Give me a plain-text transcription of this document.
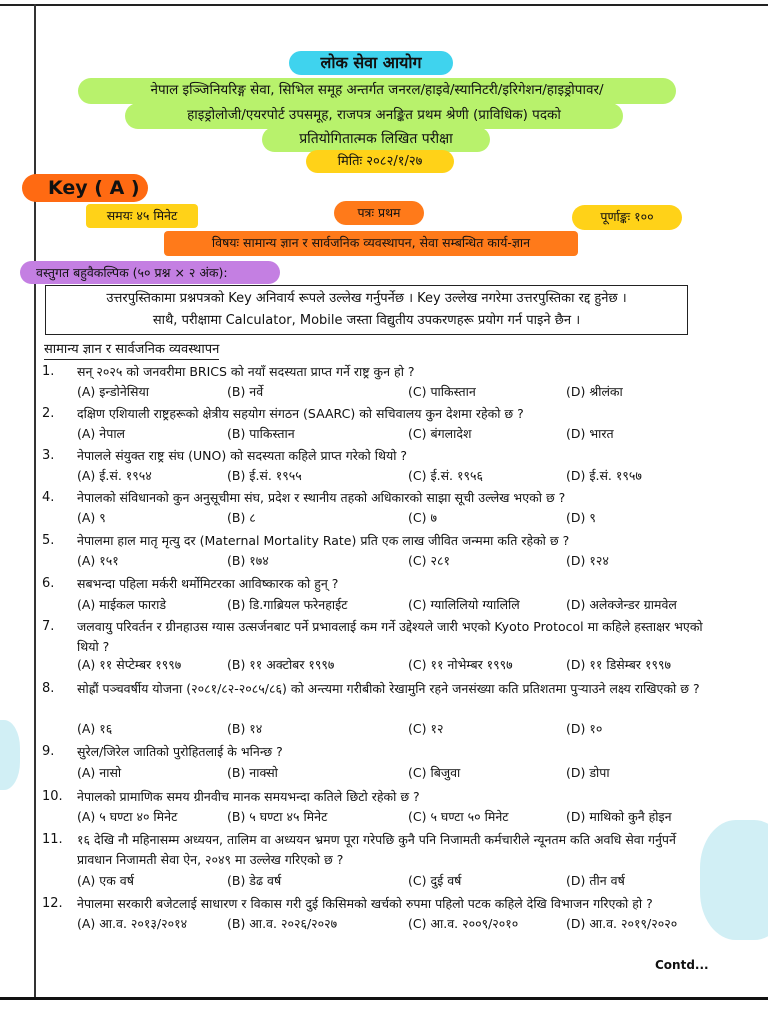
लोक सेवा आयोग
नेपाल इञ्जिनियरिङ्ग सेवा, सिभिल समूह अन्तर्गत जनरल/हाइवे/स्यानिटरी/इरिगेशन/हाइड्रोपावर/
हाइड्रोलोजी/एयरपोर्ट उपसमूह, राजपत्र अनङ्कित प्रथम श्रेणी (प्राविधिक) पदको
प्रतियोगितात्मक लिखित परीक्षा
मितिः २०८२/१/२७
Key ( A )
समयः ४५ मिनेट	पत्रः प्रथम	पूर्णाङ्कः १००
विषयः सामान्य ज्ञान र सार्वजनिक व्यवस्थापन, सेवा सम्बन्धित कार्य-ज्ञान
वस्तुगत बहुवैकल्पिक (५० प्रश्न × २ अंक):
उत्तरपुस्तिकामा प्रश्नपत्रको Key अनिवार्य रूपले उल्लेख गर्नुपर्नेछ । Key उल्लेख नगरेमा उत्तरपुस्तिका रद्द हुनेछ ।
साथै, परीक्षामा Calculator, Mobile जस्ता विद्युतीय उपकरणहरू प्रयोग गर्न पाइने छैन ।
सामान्य ज्ञान र सार्वजनिक व्यवस्थापन
1. सन् २०२५ को जनवरीमा BRICS को नयाँ सदस्यता प्राप्त गर्ने राष्ट्र कुन हो ?
(A) इन्डोनेसिया	(B) नर्वे	(C) पाकिस्तान	(D) श्रीलंका
2. दक्षिण एशियाली राष्ट्रहरूको क्षेत्रीय सहयोग संगठन (SAARC) को सचिवालय कुन देशमा रहेको छ ?
(A) नेपाल	(B) पाकिस्तान	(C) बंगलादेश	(D) भारत
3. नेपालले संयुक्त राष्ट्र संघ (UNO) को सदस्यता कहिले प्राप्त गरेको थियो ?
(A) ई.सं. १९५४	(B) ई.सं. १९५५	(C) ई.सं. १९५६	(D) ई.सं. १९५७
4. नेपालको संविधानको कुन अनुसूचीमा संघ, प्रदेश र स्थानीय तहको अधिकारको साझा सूची उल्लेख भएको छ ?
(A) ९	(B) ८	(C) ७	(D) ९
5. नेपालमा हाल मातृ मृत्यु दर (Maternal Mortality Rate) प्रति एक लाख जीवित जन्ममा कति रहेको छ ?
(A) १५१	(B) १७४	(C) २८१	(D) १२४
6. सबभन्दा पहिला मर्करी थर्मोमिटरका आविष्कारक को हुन् ?
(A) माईकल फाराडे	(B) डि.गाब्रियल फरेनहाईट	(C) ग्यालिलियो ग्यालिलि	(D) अलेक्जेन्डर ग्रामवेल
7. जलवायु परिवर्तन र ग्रीनहाउस ग्यास उत्सर्जनबाट पर्ने प्रभावलाई कम गर्ने उद्देश्यले जारी भएको Kyoto Protocol मा कहिले हस्ताक्षर भएको थियो ?
(A) ११ सेप्टेम्बर १९९७	(B) ११ अक्टोबर १९९७	(C) ११ नोभेम्बर १९९७	(D) ११ डिसेम्बर १९९७
8. सोह्रौं पञ्चवर्षीय योजना (२०८१/८२-२०८५/८६) को अन्त्यमा गरीबीको रेखामुनि रहने जनसंख्या कति प्रतिशतमा पुऱ्याउने लक्ष्य राखिएको छ ?
(A) १६	(B) १४	(C) १२	(D) १०
9. सुरेल/जिरेल जातिको पुरोहितलाई के भनिन्छ ?
(A) नासो	(B) नाक्सो	(C) बिजुवा	(D) डोपा
10. नेपालको प्रामाणिक समय ग्रीनवीच मानक समयभन्दा कतिले छिटो रहेको छ ?
(A) ५ घण्टा ४० मिनेट	(B) ५ घण्टा ४५ मिनेट	(C) ५ घण्टा ५० मिनेट	(D) माथिको कुनै होइन
11. १६ देखि नौ महिनासम्म अध्ययन, तालिम वा अध्ययन भ्रमण पूरा गरेपछि कुनै पनि निजामती कर्मचारीले न्यूनतम कति अवधि सेवा गर्नुपर्ने प्रावधान निजामती सेवा ऐन, २०४९ मा उल्लेख गरिएको छ ?
(A) एक वर्ष	(B) डेढ वर्ष	(C) दुई वर्ष	(D) तीन वर्ष
12. नेपालमा सरकारी बजेटलाई साधारण र विकास गरी दुई किसिमको खर्चको रुपमा पहिलो पटक कहिले देखि विभाजन गरिएको हो ?
(A) आ.व. २०१३/२०१४	(B) आ.व. २०२६/२०२७	(C) आ.व. २००९/२०१०	(D) आ.व. २०१९/२०२०
Contd...
